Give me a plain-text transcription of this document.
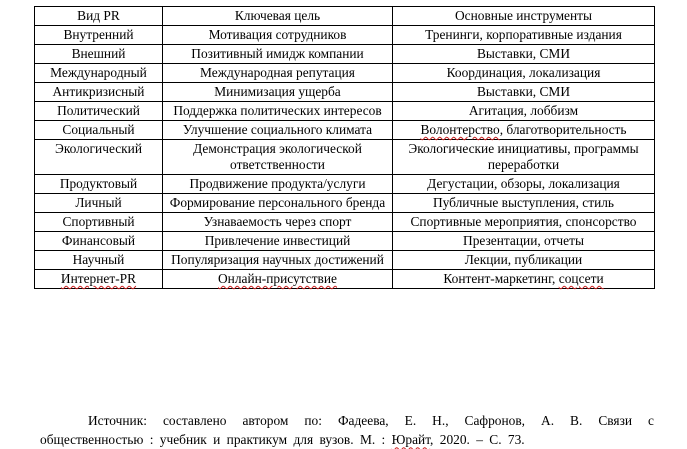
Вид PR	Ключевая цель	Основные инструменты
Внутренний	Мотивация сотрудников	Тренинги, корпоративные издания
Внешний	Позитивный имидж компании	Выставки, СМИ
Международный	Международная репутация	Координация, локализация
Антикризисный	Минимизация ущерба	Выставки, СМИ
Политический	Поддержка политических интересов	Агитация, лоббизм
Социальный	Улучшение социального климата	Волонтерство, благотворительность
Экологический	Демонстрация экологической ответственности	Экологические инициативы, программы переработки
Продуктовый	Продвижение продукта/услуги	Дегустации, обзоры, локализация
Личный	Формирование персонального бренда	Публичные выступления, стиль
Спортивный	Узнаваемость через спорт	Спортивные мероприятия, спонсорство
Финансовый	Привлечение инвестиций	Презентации, отчеты
Научный	Популяризация научных достижений	Лекции, публикации
Интернет-PR	Онлайн-присутствие	Контент-маркетинг, соцсети

Источник: составлено автором по: Фадеева, Е. Н., Сафронов, А. В. Связи с общественностью : учебник и практикум для вузов. М. : Юрайт, 2020. – С. 73.
